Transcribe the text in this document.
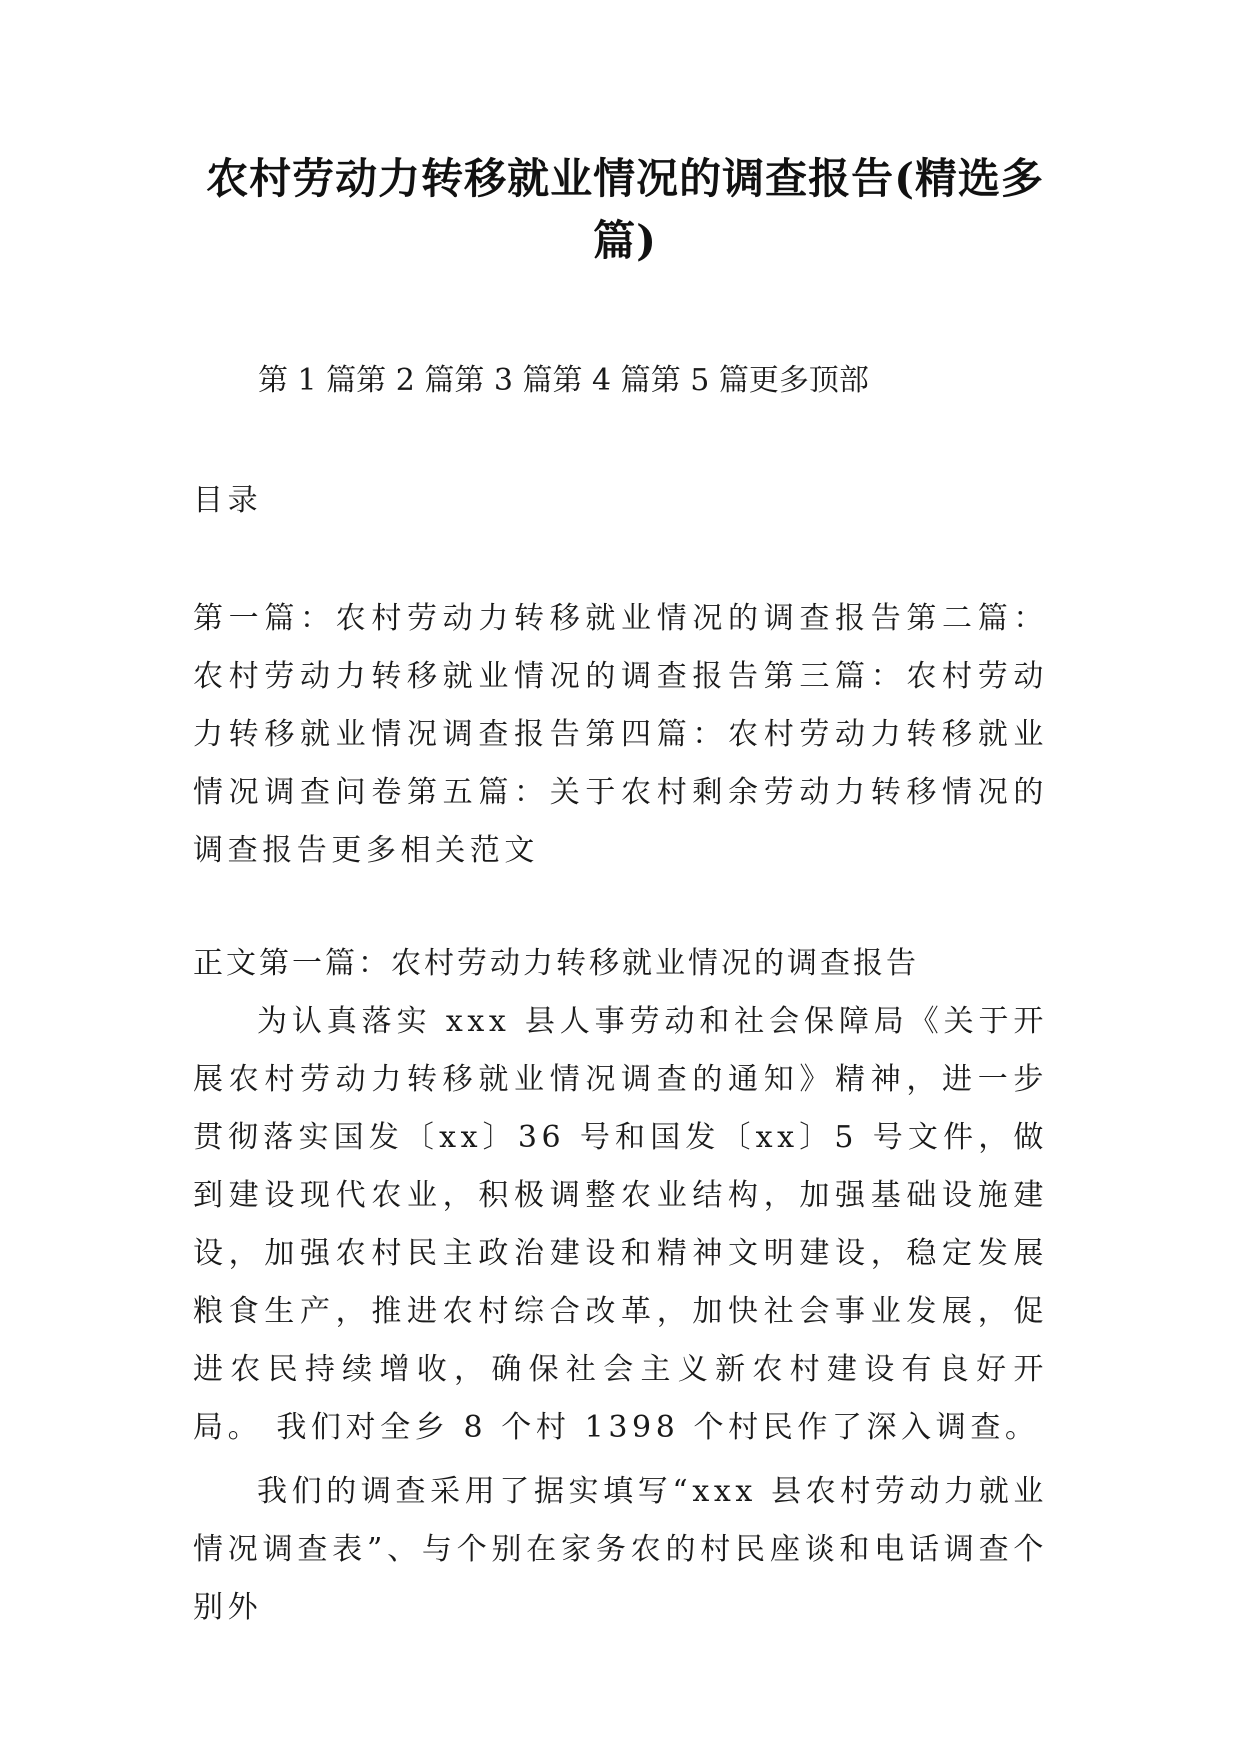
农村劳动力转移就业情况的调查报告(精选多篇)
第 1 篇第 2 篇第 3 篇第 4 篇第 5 篇更多顶部

目录

第一篇：农村劳动力转移就业情况的调查报告第二篇：农村劳动力转移就业情况的调查报告第三篇：农村劳动力转移就业情况调查报告第四篇：农村劳动力转移就业情况调查问卷第五篇：关于农村剩余劳动力转移情况的调查报告更多相关范文

正文第一篇：农村劳动力转移就业情况的调查报告

为认真落实 xxx 县人事劳动和社会保障局《关于开展农村劳动力转移就业情况调查的通知》精神，进一步贯彻落实国发〔xx〕36 号和国发〔xx〕5 号文件，做到建设现代农业，积极调整农业结构，加强基础设施建设，加强农村民主政治建设和精神文明建设，稳定发展粮食生产，推进农村综合改革，加快社会事业发展，促进农民持续增收，确保社会主义新农村建设有良好开局。 我们对全乡 8 个村 1398 个村民作了深入调查。

我们的调查采用了据实填写“xxx 县农村劳动力就业情况调查表”、与个别在家务农的村民座谈和电话调查个别外
